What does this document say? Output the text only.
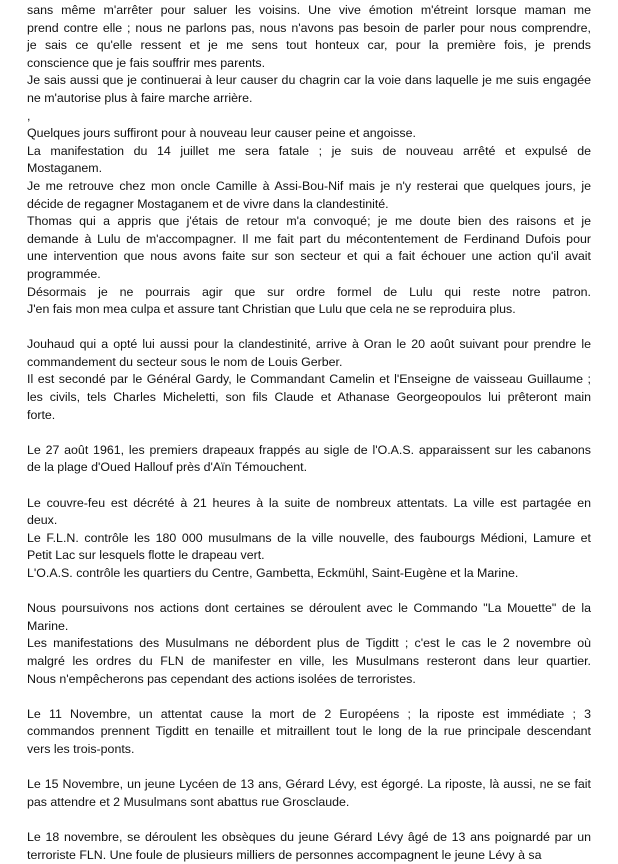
sans même m'arrêter pour saluer les voisins. Une vive émotion m'étreint lorsque maman me
prend contre elle ; nous ne parlons pas, nous n'avons pas besoin de parler pour nous comprendre,
je sais ce qu'elle ressent et je me sens tout honteux car, pour la première fois, je prends
conscience que je fais souffrir mes parents.
Je sais aussi que je continuerai à leur causer du chagrin car la voie dans laquelle je me suis engagée
ne m'autorise plus à faire marche arrière.
,
Quelques jours suffiront pour à nouveau leur causer peine et angoisse.
La manifestation du 14 juillet me sera fatale ; je suis de nouveau arrêté et expulsé de
Mostaganem.
Je me retrouve chez mon oncle Camille à Assi-Bou-Nif mais je n'y resterai que quelques jours, je
décide de regagner Mostaganem et de vivre dans la clandestinité.
Thomas qui a appris que j'étais de retour m'a convoqué; je me doute bien des raisons et je
demande à Lulu de m'accompagner. Il me fait part du mécontentement de Ferdinand Dufois pour
une intervention que nous avons faite sur son secteur et qui a fait échouer une action qu'il avait
programmée.
Désormais je ne pourrais agir que sur ordre formel de Lulu qui reste notre patron.
J'en fais mon mea culpa et assure tant Christian que Lulu que cela ne se reproduira plus.
Jouhaud qui a opté lui aussi pour la clandestinité, arrive à Oran le 20 août suivant pour prendre le
commandement du secteur sous le nom de Louis Gerber.
Il est secondé par le Général Gardy, le Commandant Camelin et l'Enseigne de vaisseau Guillaume ;
les civils, tels Charles Micheletti, son fils Claude et Athanase Georgeopoulos lui prêteront main
forte.
Le 27 août 1961, les premiers drapeaux frappés au sigle de l'O.A.S. apparaissent sur les cabanons
de la plage d'Oued Hallouf près d'Aïn Témouchent.
Le couvre-feu est décrété à 21 heures à la suite de nombreux attentats. La ville est partagée en
deux.
Le F.L.N. contrôle les 180 000 musulmans de la ville nouvelle, des faubourgs Médioni, Lamure et
Petit Lac sur lesquels flotte le drapeau vert.
L'O.A.S. contrôle les quartiers du Centre, Gambetta, Eckmühl, Saint-Eugène et la Marine.
Nous poursuivons nos actions dont certaines se déroulent avec le Commando "La Mouette" de la
Marine.
Les manifestations des Musulmans ne débordent plus de Tigditt ; c'est le cas le 2 novembre où
malgré les ordres du FLN de manifester en ville, les Musulmans resteront dans leur quartier.
Nous n'empêcherons pas cependant des actions isolées de terroristes.
Le 11 Novembre, un attentat cause la mort de 2 Européens ; la riposte est immédiate ; 3
commandos prennent Tigditt en tenaille et mitraillent tout le long de la rue principale descendant
vers les trois-ponts.
Le 15 Novembre, un jeune Lycéen de 13 ans, Gérard Lévy, est égorgé. La riposte, là aussi, ne se fait
pas attendre et 2 Musulmans sont abattus rue Grosclaude.
Le 18 novembre, se déroulent les obsèques du jeune Gérard Lévy âgé de 13 ans poignardé par un
terroriste FLN. Une foule de plusieurs milliers de personnes accompagnent le jeune Lévy à sa
